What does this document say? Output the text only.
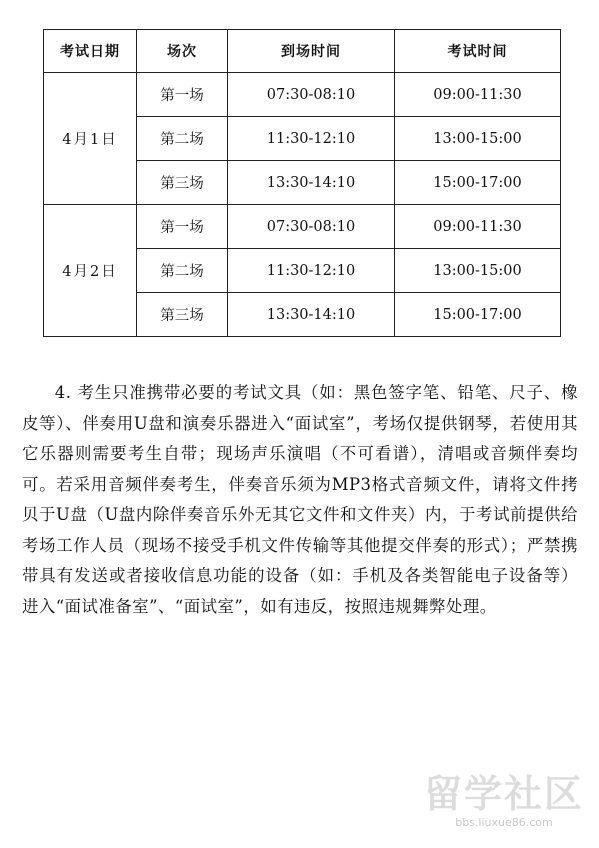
考试日期	场次	到场时间	考试时间
4月1日	第一场	07:30-08:10	09:00-11:30
	第二场	11:30-12:10	13:00-15:00
	第三场	13:30-14:10	15:00-17:00
4月2日	第一场	07:30-08:10	09:00-11:30
	第二场	11:30-12:10	13:00-15:00
	第三场	13:30-14:10	15:00-17:00

4. 考生只准携带必要的考试文具（如：黑色签字笔、铅笔、尺子、橡皮等）、伴奏用U盘和演奏乐器进入“面试室”，考场仅提供钢琴，若使用其它乐器则需要考生自带；现场声乐演唱（不可看谱），清唱或音频伴奏均可。若采用音频伴奏考生，伴奏音乐须为MP3格式音频文件，请将文件拷贝于U盘（U盘内除伴奏音乐外无其它文件和文件夹）内，于考试前提供给考场工作人员（现场不接受手机文件传输等其他提交伴奏的形式）；严禁携带具有发送或者接收信息功能的设备（如：手机及各类智能电子设备等）进入“面试准备室”、“面试室”，如有违反，按照违规舞弊处理。

留学社区
bbs.liuxue86.com
